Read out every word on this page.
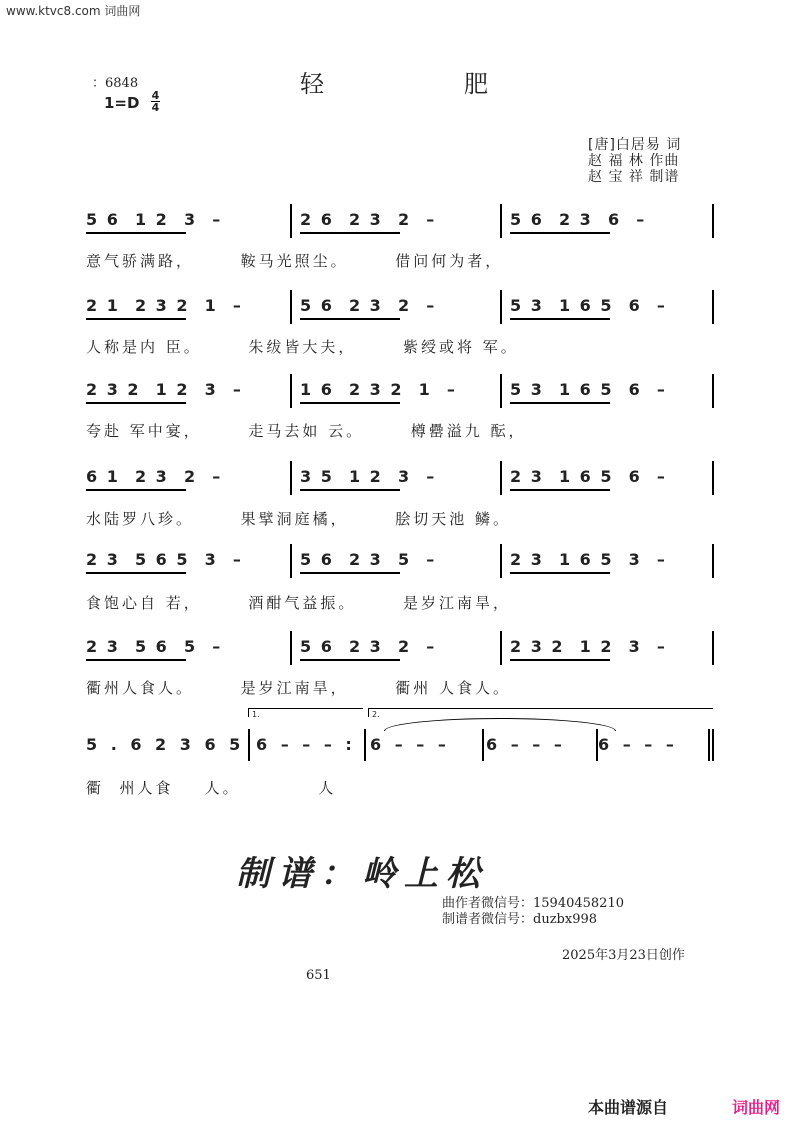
www.ktvc8.com 词曲网
：6848
1=D 4
4
轻肥
[唐]白居易 词
赵 福 林 作曲
赵 宝 祥 制谱
5 6  1 2  3  –	2 6  2 3  2  –	5 6  2 3  6  –
意气骄满路，      鞍马光照尘。      借问何为者，
2 1  2 3 2  1  –	5 6  2 3  2  –	5 3  1 6 5  6  –
人称是内 臣。      朱绂皆大夫，      紫绶或将 军。
2 3 2  1 2  3  –	1 6  2 3 2  1  –	5 3  1 6 5  6  –
夸赴 军中宴，      走马去如 云。      樽罍溢九 酝，
6 1  2 3  2  –	3 5  1 2  3  –	2 3  1 6 5  6  –
水陆罗八珍。      果擘洞庭橘，      脍切天池 鳞。
2 3  5 6 5  3  –	5 6  2 3  5  –	2 3  1 6 5  3  –
食饱心自 若，      酒酣气益振。      是岁江南旱，
2 3  5 6  5  –	5 6  2 3  2  –	2 3 2  1 2  3  –
衢州人食人。      是岁江南旱，      衢州 人食人。
5 . 6 2 3 6 5 6 – – – : 6 – – – 6 – – – 6 – – –
1.	2.
衢  州人食    人。          人
制谱：岭上松
曲作者微信号：15940458210
制谱者微信号：duzbx998
2025年3月23日创作
651
本曲谱源自	词曲网
